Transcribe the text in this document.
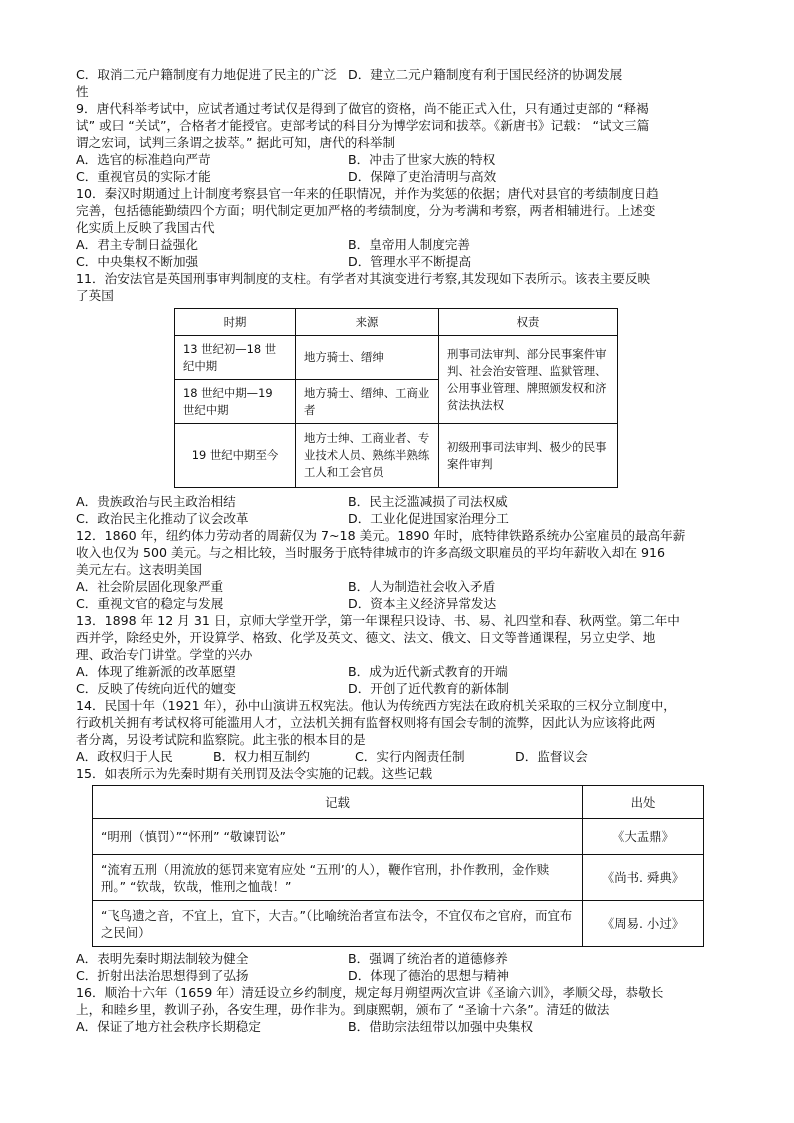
C．取消二元户籍制度有力地促进了民主的广泛性
D．建立二元户籍制度有利于国民经济的协调发展
9．唐代科举考试中，应试者通过考试仅是得到了做官的资格，尚不能正式入仕，只有通过吏部的 “释褐
试” 或曰 “关试”，合格者才能授官。吏部考试的科目分为博学宏词和拔萃。《新唐书》记载： “试文三篇
谓之宏词，试判三条谓之拔萃。” 据此可知，唐代的科举制
A．选官的标准趋向严苛	B．冲击了世家大族的特权
C．重视官员的实际才能	D．保障了吏治清明与高效
10．秦汉时期通过上计制度考察县官一年来的任职情况，并作为奖惩的依据；唐代对县官的考绩制度日趋
完善，包括德能勤绩四个方面；明代制定更加严格的考绩制度，分为考满和考察，两者相辅进行。上述变
化实质上反映了我国古代
A．君主专制日益强化	B．皇帝用人制度完善
C．中央集权不断加强	D．管理水平不断提高
11．治安法官是英国刑事审判制度的支柱。有学者对其演变进行考察,其发现如下表所示。该表主要反映
了英国
时期	来源	权责
13 世纪初—18 世纪中期	地方骑士、缙绅	刑事司法审判、部分民事案件审判、社会治安管理、监狱管理、公用事业管理、牌照颁发权和济贫法执法权
18 世纪中期—19 世纪中期	地方骑士、缙绅、工商业者	
19 世纪中期至今	地方士绅、工商业者、专业技术人员、熟练半熟练工人和工会官员	初级刑事司法审判、极少的民事案件审判
A．贵族政治与民主政治相结	B．民主泛滥减损了司法权威
C．政治民主化推动了议会改革	D．工业化促进国家治理分工
12．1860 年，纽约体力劳动者的周薪仅为 7~18 美元。1890 年时，底特律铁路系统办公室雇员的最高年薪
收入也仅为 500 美元。与之相比较，当时服务于底特律城市的许多高级文职雇员的平均年薪收入却在 916
美元左右。这表明美国
A．社会阶层固化现象严重	B．人为制造社会收入矛盾
C．重视文官的稳定与发展	D．资本主义经济异常发达
13．1898 年 12 月 31 日，京师大学堂开学，第一年课程只设诗、书、易、礼四堂和春、秋两堂。第二年中
西并学，除经史外，开设算学、格致、化学及英文、德文、法文、俄文、日文等普通课程，另立史学、地
理、政治专门讲堂。学堂的兴办
A．体现了维新派的改革愿望	B．成为近代新式教育的开端
C．反映了传统向近代的嬗变	D．开创了近代教育的新体制
14．民国十年（1921 年），孙中山演讲五权宪法。他认为传统西方宪法在政府机关采取的三权分立制度中，
行政机关拥有考试权将可能滥用人才，立法机关拥有监督权则将有国会专制的流弊，因此认为应该将此两
者分离，另设考试院和监察院。此主张的根本目的是
A．政权归于人民	B．权力相互制约	C．实行内阁责任制	D．监督议会
15．如表所示为先秦时期有关刑罚及法令实施的记载。这些记载
记载	出处
“明刑（慎罚）”“怀刑” “敬谏罚讼”	《大盂鼎》
“流宥五刑（用流放的惩罚来宽宥应处 “五刑’的人），鞭作官刑，扑作教刑，金作赎刑。” “钦哉，钦哉，惟刑之恤哉！”	《尚书. 舜典》
“飞鸟遗之音，不宜上，宜下，大吉。”（比喻统治者宣布法令，不宜仅布之官府，而宜布之民间）	《周易. 小过》
A．表明先秦时期法制较为健全	B．强调了统治者的道德修养
C．折射出法治思想得到了弘扬	D．体现了德治的思想与精神
16．顺治十六年（1659 年）清廷设立乡约制度，规定每月朔望两次宣讲《圣谕六训》，孝顺父母，恭敬长
上，和睦乡里，教训子孙，各安生理，毋作非为。到康熙朝，颁布了 “圣谕十六条”。清廷的做法
A．保证了地方社会秩序长期稳定	B．借助宗法纽带以加强中央集权
